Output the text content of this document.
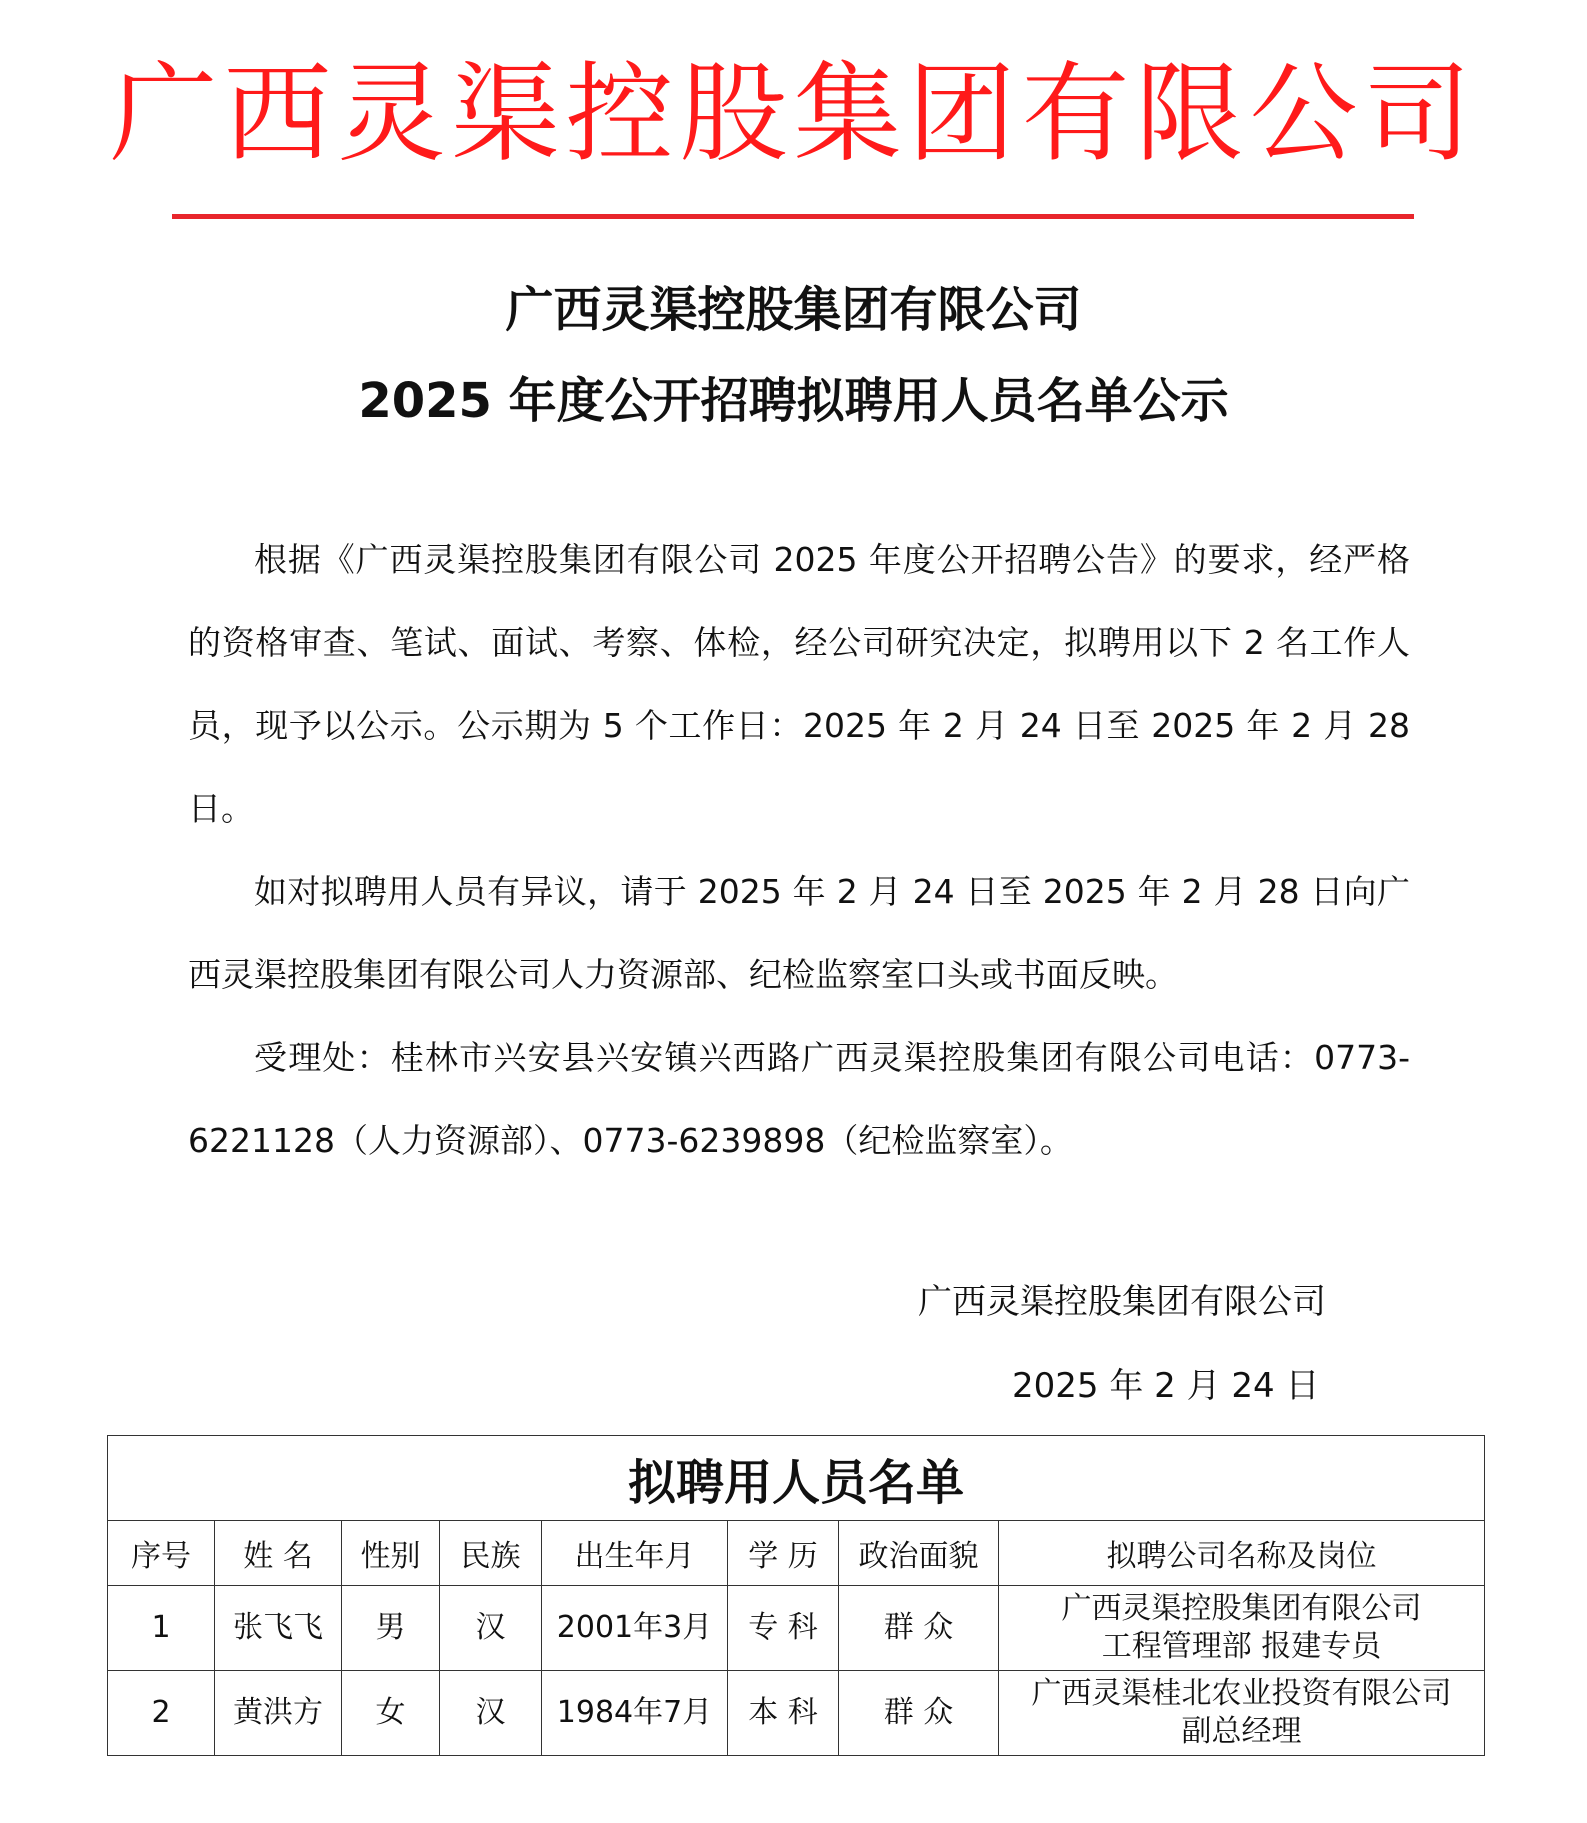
广西灵渠控股集团有限公司
广西灵渠控股集团有限公司
2025 年度公开招聘拟聘用人员名单公示

根据《广西灵渠控股集团有限公司 2025 年度公开招聘公告》的要求，经严格的资格审查、笔试、面试、考察、体检，经公司研究决定，拟聘用以下 2 名工作人员，现予以公示。公示期为 5 个工作日：2025 年 2 月 24 日至 2025 年 2 月 28 日。

如对拟聘用人员有异议，请于 2025 年 2 月 24 日至 2025 年 2 月 28 日向广西灵渠控股集团有限公司人力资源部、纪检监察室口头或书面反映。

受理处：桂林市兴安县兴安镇兴西路广西灵渠控股集团有限公司电话：0773-6221128（人力资源部）、0773-6239898（纪检监察室）。

广西灵渠控股集团有限公司
2025 年 2 月 24 日
拟聘用人员名单							
序号	姓 名	性别	民族	出生年月	学 历	政治面貌	拟聘公司名称及岗位
1	张飞飞	男	汉	2001年3月	专 科	群 众	广西灵渠控股集团有限公司
工程管理部 报建专员

2	黄洪方	女	汉	1984年7月	本 科	群 众	广西灵渠桂北农业投资有限公司
副总经理
